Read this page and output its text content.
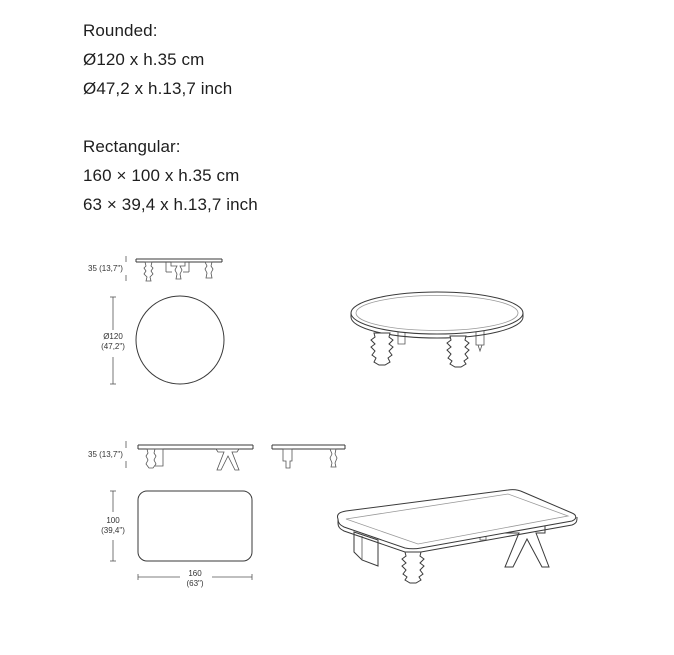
Rounded:
Ø120 x h.35 cm
Ø47,2 x h.13,7 inch
Rectangular:
160 × 100 x h.35 cm
63 × 39,4 x h.13,7 inch
35 (13,7")
Ø120
(47,2")
35 (13,7")
100
(39,4")
160
(63")
